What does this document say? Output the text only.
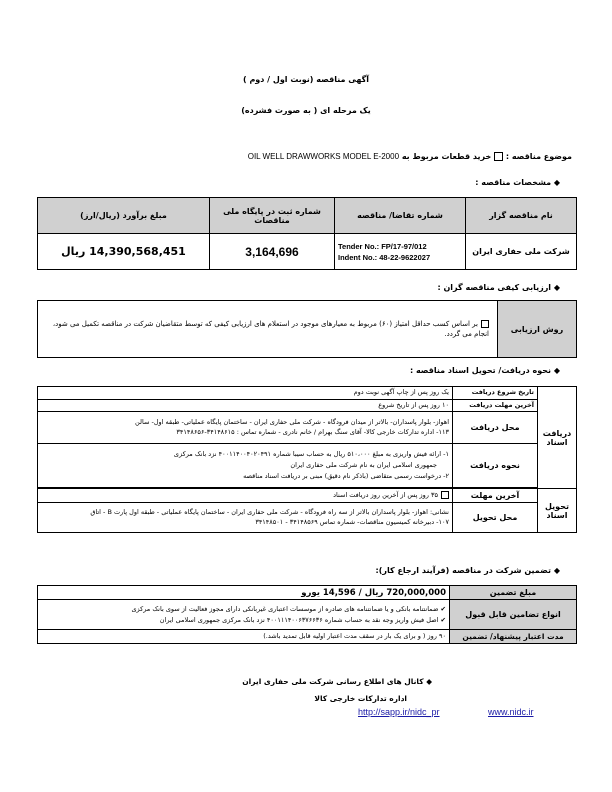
آگهی مناقصه (نوبت اول / دوم )
یک مرحله ای ( به صورت فشرده)
موضوع مناقصه :  خرید قطعات مربوط به OIL WELL DRAWWORKS MODEL E-2000
◆ مشخصات مناقصه :
نام مناقصه گزار	شماره تقاضا/ مناقصه	شماره ثبت در پایگاه ملی مناقصات	مبلغ برآورد (ریال/ارز)
شرکت ملی حفاری ایران	Tender No.: FP/17-97/012
Indent No.: 48-22-9622027	3,164,696	14,390,568,451 ریال
◆ ارزیابی کیفی مناقصه گران :
روش ارزیابی	بر اساس کسب حداقل امتیاز (۶۰) مربوط به معیارهای موجود در استعلام های ارزیابی کیفی که توسط متقاضیان شرکت در مناقصه تکمیل می شود، انجام می گردد.
◆ نحوه دریافت/ تحویل اسناد مناقصه :
دریافت اسناد	تاریخ شروع دریافت	یک روز پس از چاپ آگهی نوبت دوم
	آخرین مهلت دریافت	۱۰ روز پس از تاریخ شروع
	محل دریافت	اهواز- بلوار پاسداران- بالاتر از میدان فرودگاه - شرکت ملی حفاری ایران - ساختمان پایگاه عملیاتی- طبقه اول- سالن
۱۱۳- اداره تدارکات خارجی کالا- آقای سنگ بهرام / خانم نادری - شماره تماس : ۳۴۱۴۸۶۱۵-۳۴۱۴۸۶۵۶

	نحوه دریافت	۱- ارائه فیش واریزی به مبلغ ۵۱۰،۰۰۰ ریال به حساب سیبا شماره ۴۰۰۱۱۴۰۰۴۰۲۰۴۹۱ نزد بانک مرکزی
جمهوری اسلامی ایران به نام شرکت ملی حفاری ایران
۲- درخواست رسمی متقاضی (باذکر نام دقیق) مبنی بر دریافت اسناد مناقصه

تحویل اسناد	آخرین مهلت	۳۵ روز پس از آخرین روز دریافت اسناد
	محل تحویل	نشانی: اهواز- بلوار پاسداران بالاتر از سه راه فرودگاه - شرکت ملی حفاری ایران - ساختمان پایگاه عملیاتی - طبقه اول پارت B - اتاق
۱۰۷- دبیرخانه کمیسیون مناقصات- شماره تماس ۳۴۱۴۸۵۶۹ - ۳۴۱۴۸۵۰۱
◆ تضمین شرکت در مناقصه (فرآیند ارجاع کار):
مبلغ تضمین	720,000,000 ریال / 14,596 یورو
انواع تضامین قابل قبول	✔ ضمانتنامه بانکی و یا ضمانتنامه های صادره از موسسات اعتباری غیربانکی دارای مجوز فعالیت از سوی بانک مرکزی
✔ اصل فیش واریز وجه نقد به حساب شماره ۴۰۰۱۱۱۴۰۰۶۳۷۶۶۳۶ نزد بانک مرکزی جمهوری اسلامی ایران

مدت اعتبار پیشنهاد/ تضمین	۹۰ روز ( و برای یک بار در سقف مدت اعتبار اولیه قابل تمدید باشد.)
◆ کانال های اطلاع رسانی شرکت ملی حفاری ایران
اداره تدارکات خارجی کالا
http://sapp.ir/nidc_pr	www.nidc.ir
